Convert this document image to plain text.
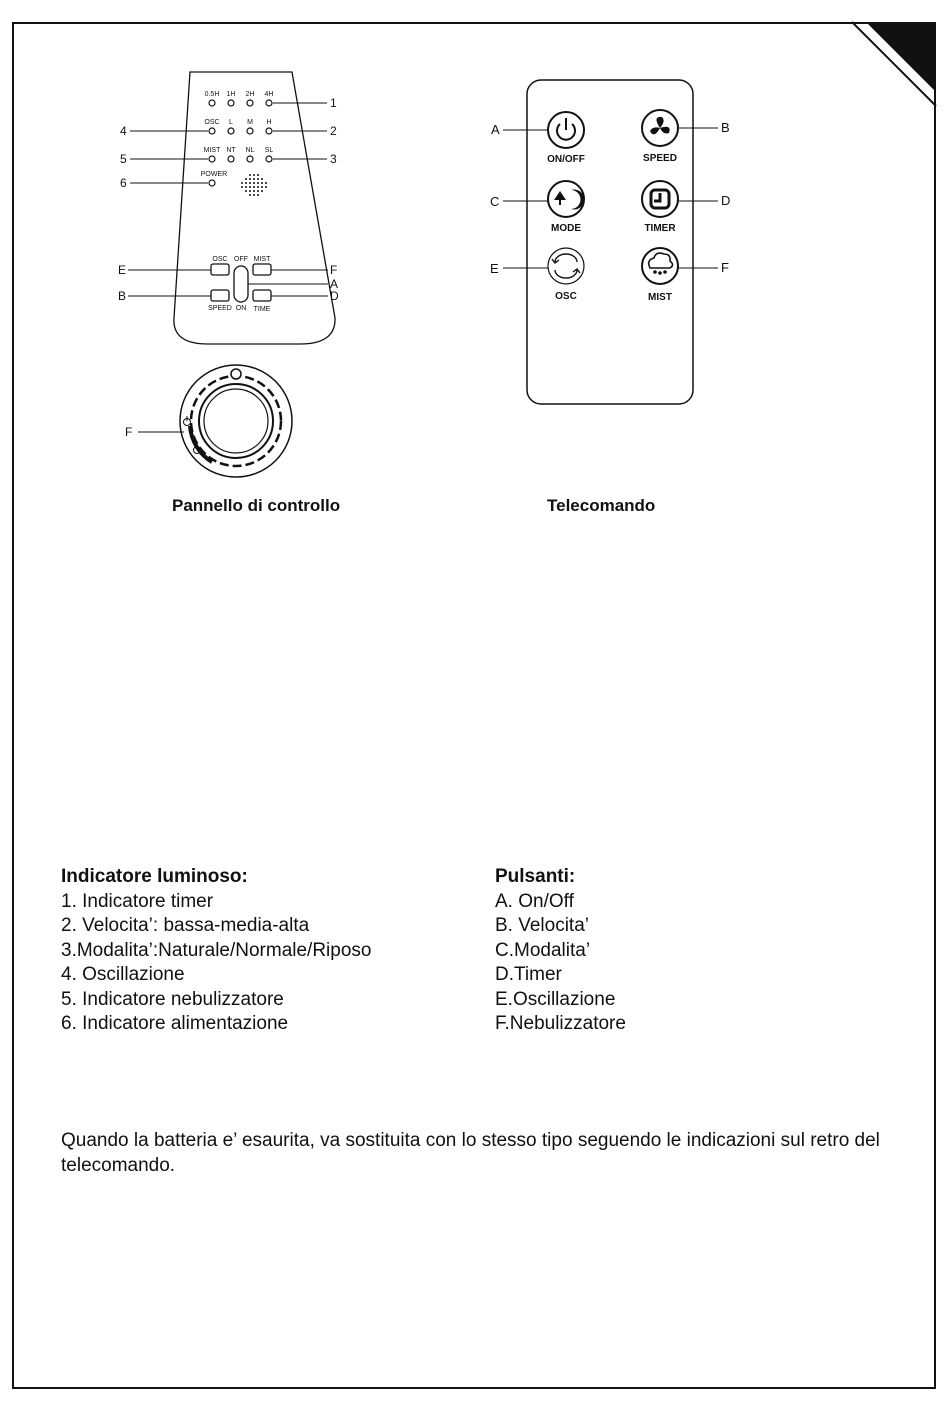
0.5H 1H 2H 4H
OSC L M H
MIST NT NL SL
POWER
1
2
3
4
5
6
OSC OFF MIST
SPEED ON TIME
E
B
F
A
D
F
ON/OFF	SPEED
MODE	TIMER
OSC	MIST
A	B
C	D
E	F
Pannello di controllo	Telecomando
Indicatore luminoso:
1. Indicatore timer
2. Velocita’: bassa-media-alta
3.Modalita’:Naturale/Normale/Riposo
4. Oscillazione
5. Indicatore nebulizzatore
6. Indicatore alimentazione
Pulsanti:
A. On/Off
B. Velocita’
C.Modalita’
D.Timer
E.Oscillazione
F.Nebulizzatore
Quando la batteria e’ esaurita, va sostituita con lo stesso tipo seguendo le indicazioni sul retro del telecomando.
